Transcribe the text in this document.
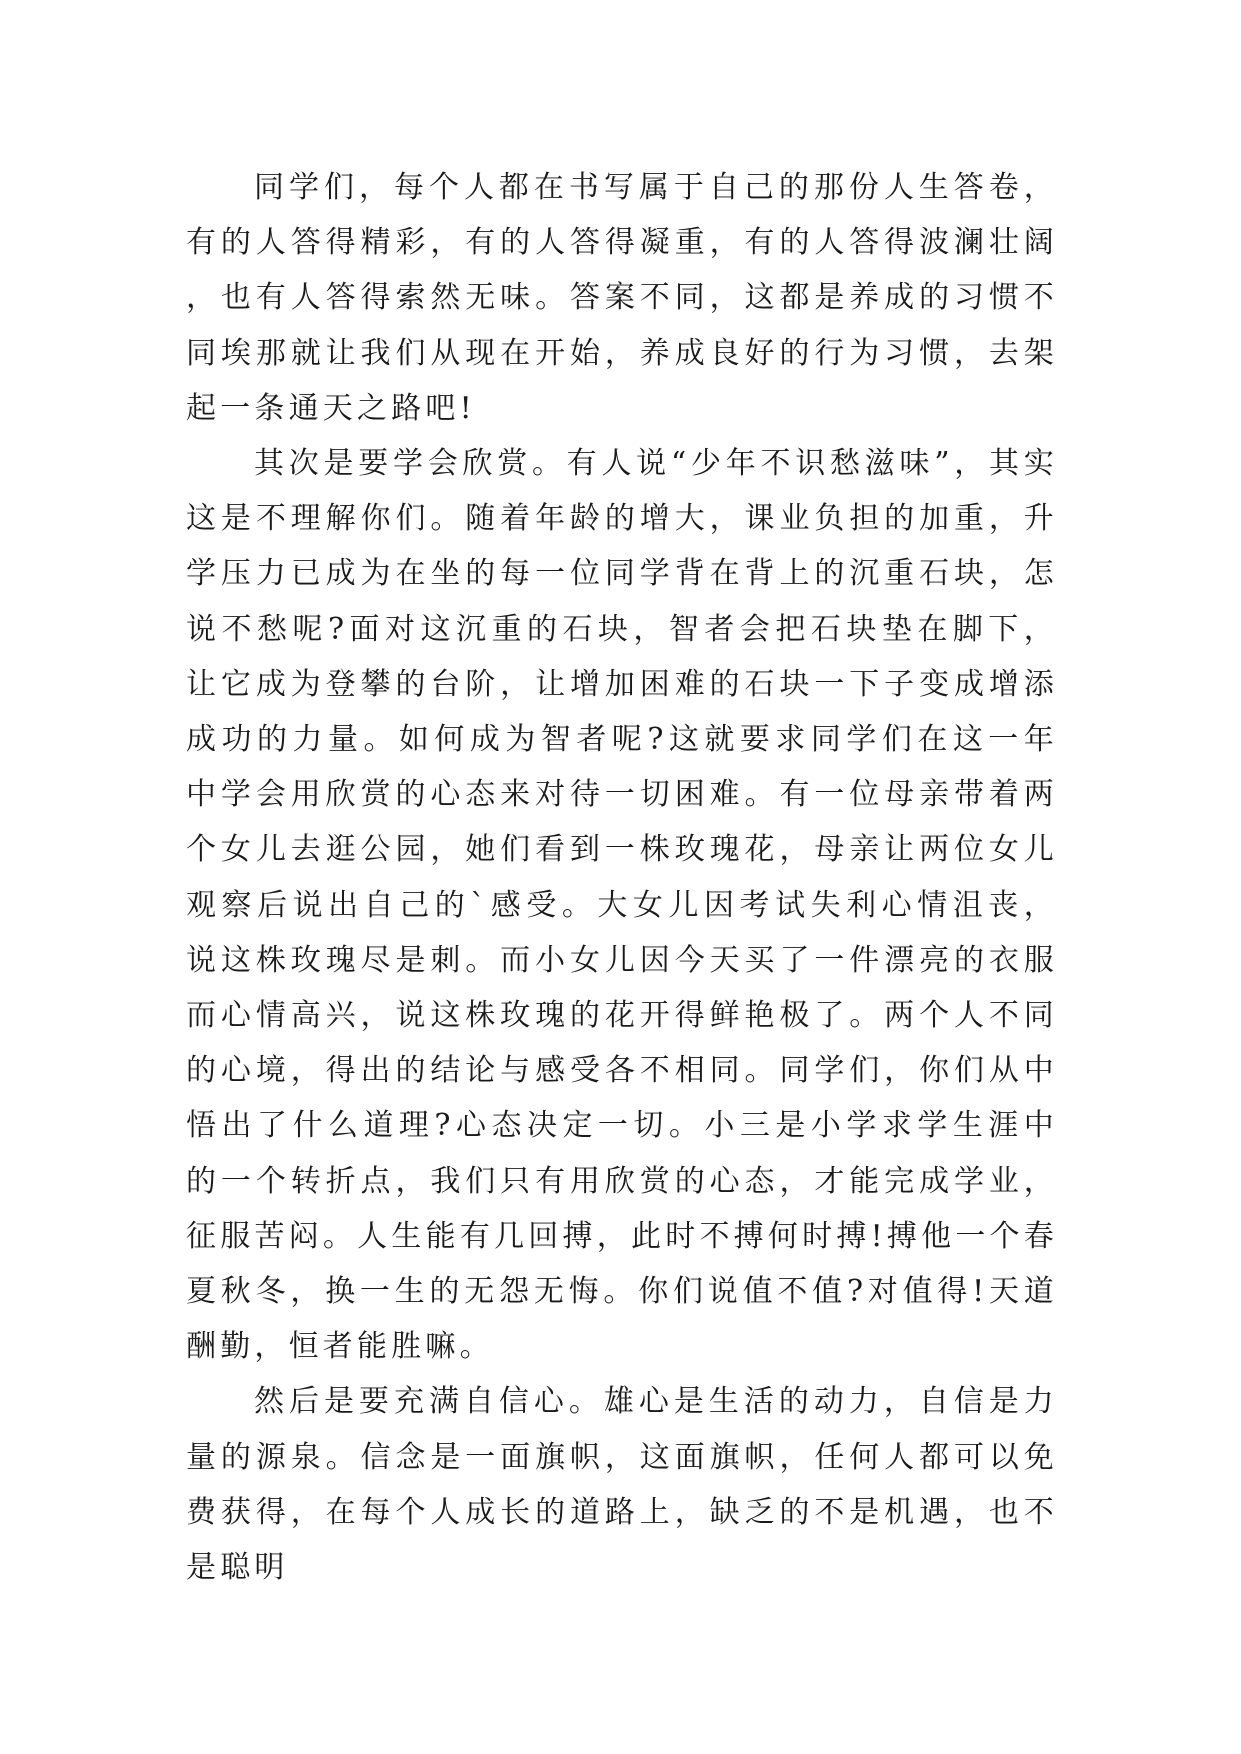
同学们，每个人都在书写属于自己的那份人生答卷，有的人答得精彩，有的人答得凝重，有的人答得波澜壮阔，也有人答得索然无味。答案不同，这都是养成的习惯不同埃那就让我们从现在开始，养成良好的行为习惯，去架起一条通天之路吧!

其次是要学会欣赏。有人说“少年不识愁滋味”，其实这是不理解你们。随着年龄的增大，课业负担的加重，升学压力已成为在坐的每一位同学背在背上的沉重石块，怎说不愁呢?面对这沉重的石块，智者会把石块垫在脚下，让它成为登攀的台阶，让增加困难的石块一下子变成增添成功的力量。如何成为智者呢?这就要求同学们在这一年中学会用欣赏的心态来对待一切困难。有一位母亲带着两个女儿去逛公园，她们看到一株玫瑰花，母亲让两位女儿观察后说出自己的`感受。大女儿因考试失利心情沮丧，说这株玫瑰尽是刺。而小女儿因今天买了一件漂亮的衣服而心情高兴，说这株玫瑰的花开得鲜艳极了。两个人不同的心境，得出的结论与感受各不相同。同学们，你们从中悟出了什么道理?心态决定一切。小三是小学求学生涯中的一个转折点，我们只有用欣赏的心态，才能完成学业，征服苦闷。人生能有几回搏，此时不搏何时搏!搏他一个春夏秋冬，换一生的无怨无悔。你们说值不值?对值得!天道酬勤，恒者能胜嘛。

然后是要充满自信心。雄心是生活的动力，自信是力量的源泉。信念是一面旗帜，这面旗帜，任何人都可以免费获得，在每个人成长的道路上，缺乏的不是机遇，也不是聪明
